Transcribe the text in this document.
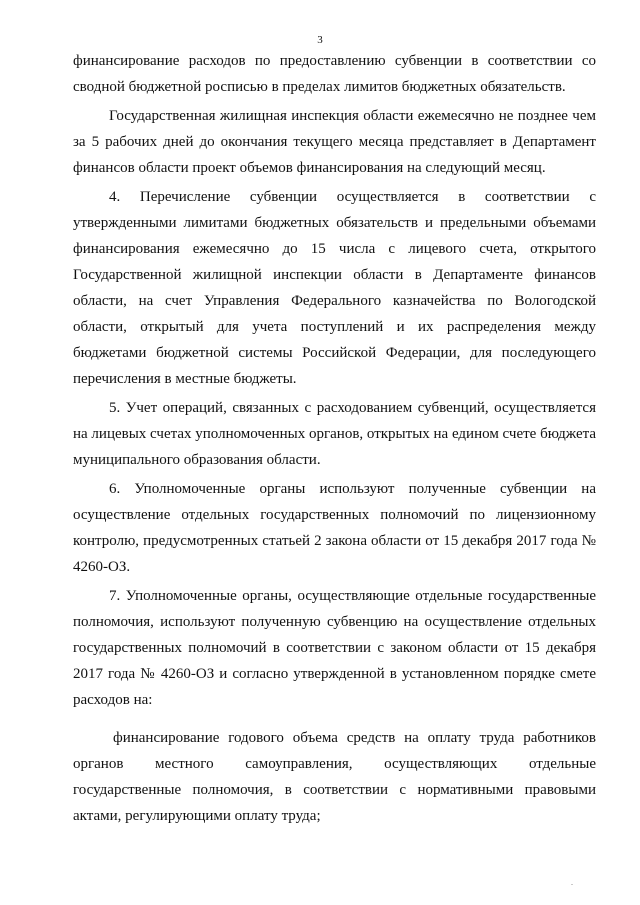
3

финансирование расходов по предоставлению субвенции в соответствии со сводной бюджетной росписью в пределах лимитов бюджетных обязательств.

Государственная жилищная инспекция области ежемесячно не позднее чем за 5 рабочих дней до окончания текущего месяца представляет в Департамент финансов области проект объемов финансирования на следующий месяц.

4. Перечисление субвенции осуществляется в соответствии с утвержденными лимитами бюджетных обязательств и предельными объемами финансирования ежемесячно до 15 числа с лицевого счета, открытого Государственной жилищной инспекции области в Департаменте финансов области, на счет Управления Федерального казначейства по Вологодской области, открытый для учета поступлений и их распределения между бюджетами бюджетной системы Российской Федерации, для последующего перечисления в местные бюджеты.

5. Учет операций, связанных с расходованием субвенций, осуществляется на лицевых счетах уполномоченных органов, открытых на едином счете бюджета муниципального образования области.

6. Уполномоченные органы используют полученные субвенции на осуществление отдельных государственных полномочий по лицензионному контролю, предусмотренных статьей 2 закона области от 15 декабря 2017 года № 4260-ОЗ.

7. Уполномоченные органы, осуществляющие отдельные государственные полномочия, используют полученную субвенцию на осуществление отдельных государственных полномочий в соответствии с законом области от 15 декабря 2017 года № 4260-ОЗ и согласно утвержденной в установленном порядке смете расходов на:

финансирование годового объема средств на оплату труда работников органов местного самоуправления, осуществляющих отдельные государственные полномочия, в соответствии с нормативными правовыми актами, регулирующими оплату труда;

.
